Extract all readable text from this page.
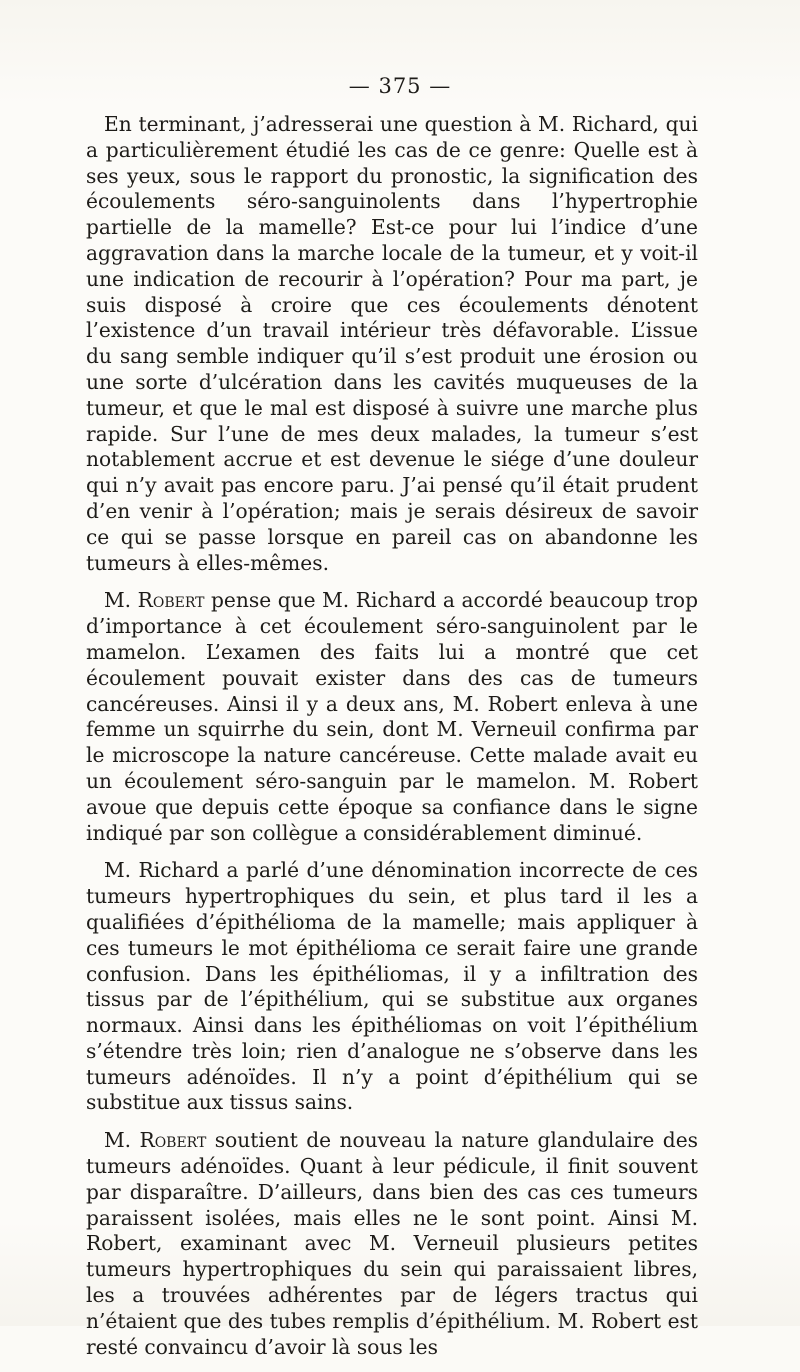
— 375 —

En terminant, j’adresserai une question à M. Richard, qui a particulièrement étudié les cas de ce genre: Quelle est à ses yeux, sous le rapport du pronostic, la signification des écoulements séro-sanguinolents dans l’hypertrophie partielle de la mamelle? Est-ce pour lui l’indice d’une aggravation dans la marche locale de la tumeur, et y voit-il une indication de recourir à l’opération? Pour ma part, je suis disposé à croire que ces écoulements dénotent l’existence d’un travail intérieur très défavorable. L’issue du sang semble indiquer qu’il s’est produit une érosion ou une sorte d’ulcération dans les cavités muqueuses de la tumeur, et que le mal est disposé à suivre une marche plus rapide. Sur l’une de mes deux malades, la tumeur s’est notablement accrue et est devenue le siége d’une douleur qui n’y avait pas encore paru. J’ai pensé qu’il était prudent d’en venir à l’opération; mais je serais désireux de savoir ce qui se passe lorsque en pareil cas on abandonne les tumeurs à elles-mêmes.

M. Robert pense que M. Richard a accordé beaucoup trop d’importance à cet écoulement séro-sanguinolent par le mamelon. L’examen des faits lui a montré que cet écoulement pouvait exister dans des cas de tumeurs cancéreuses. Ainsi il y a deux ans, M. Robert enleva à une femme un squirrhe du sein, dont M. Verneuil confirma par le microscope la nature cancéreuse. Cette malade avait eu un écoulement séro-sanguin par le mamelon. M. Robert avoue que depuis cette époque sa confiance dans le signe indiqué par son collègue a considérablement diminué.

M. Richard a parlé d’une dénomination incorrecte de ces tumeurs hypertrophiques du sein, et plus tard il les a qualifiées d’épithélioma de la mamelle; mais appliquer à ces tumeurs le mot épithélioma ce serait faire une grande confusion. Dans les épithéliomas, il y a infiltration des tissus par de l’épithélium, qui se substitue aux organes normaux. Ainsi dans les épithéliomas on voit l’épithélium s’étendre très loin; rien d’analogue ne s’observe dans les tumeurs adénoïdes. Il n’y a point d’épithélium qui se substitue aux tissus sains.

M. Robert soutient de nouveau la nature glandulaire des tumeurs adénoïdes. Quant à leur pédicule, il finit souvent par disparaître. D’ailleurs, dans bien des cas ces tumeurs paraissent isolées, mais elles ne le sont point. Ainsi M. Robert, examinant avec M. Verneuil plusieurs petites tumeurs hypertrophiques du sein qui paraissaient libres, les a trouvées adhérentes par de légers tractus qui n’étaient que des tubes remplis d’épithélium. M. Robert est resté convaincu d’avoir là sous les
